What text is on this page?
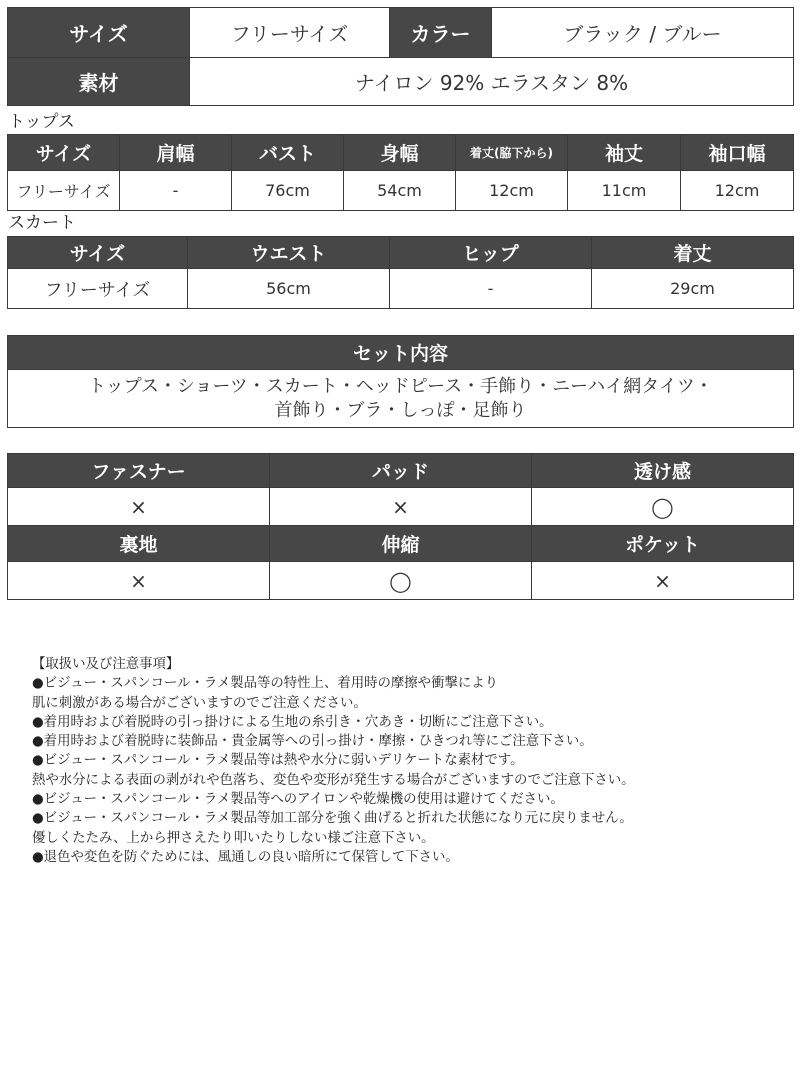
サイズ	フリーサイズ	カラー	ブラック / ブルー
素材	ナイロン 92% エラスタン 8%		
トップス
サイズ	肩幅	バスト	身幅	着丈(脇下から)	袖丈	袖口幅
フリーサイズ	-	76cm	54cm	12cm	11cm	12cm
スカート
サイズ	ウエスト	ヒップ	着丈
フリーサイズ	56cm	-	29cm
セット内容

トップス・ショーツ・スカート・ヘッドピース・手飾り・ニーハイ網タイツ・
首飾り・ブラ・しっぽ・足飾り
ファスナー	パッド	透け感
×	×	◯
裏地	伸縮	ポケット
×	◯	×
【取扱い及び注意事項】
●ビジュー・スパンコール・ラメ製品等の特性上、着用時の摩擦や衝撃により
肌に刺激がある場合がございますのでご注意ください。
●着用時および着脱時の引っ掛けによる生地の糸引き・穴あき・切断にご注意下さい。
●着用時および着脱時に装飾品・貴金属等への引っ掛け・摩擦・ひきつれ等にご注意下さい。
●ビジュー・スパンコール・ラメ製品等は熱や水分に弱いデリケートな素材です。
熱や水分による表面の剥がれや色落ち、変色や変形が発生する場合がございますのでご注意下さい。
●ビジュー・スパンコール・ラメ製品等へのアイロンや乾燥機の使用は避けてください。
●ビジュー・スパンコール・ラメ製品等加工部分を強く曲げると折れた状態になり元に戻りません。
優しくたたみ、上から押さえたり叩いたりしない様ご注意下さい。
●退色や変色を防ぐためには、風通しの良い暗所にて保管して下さい。
